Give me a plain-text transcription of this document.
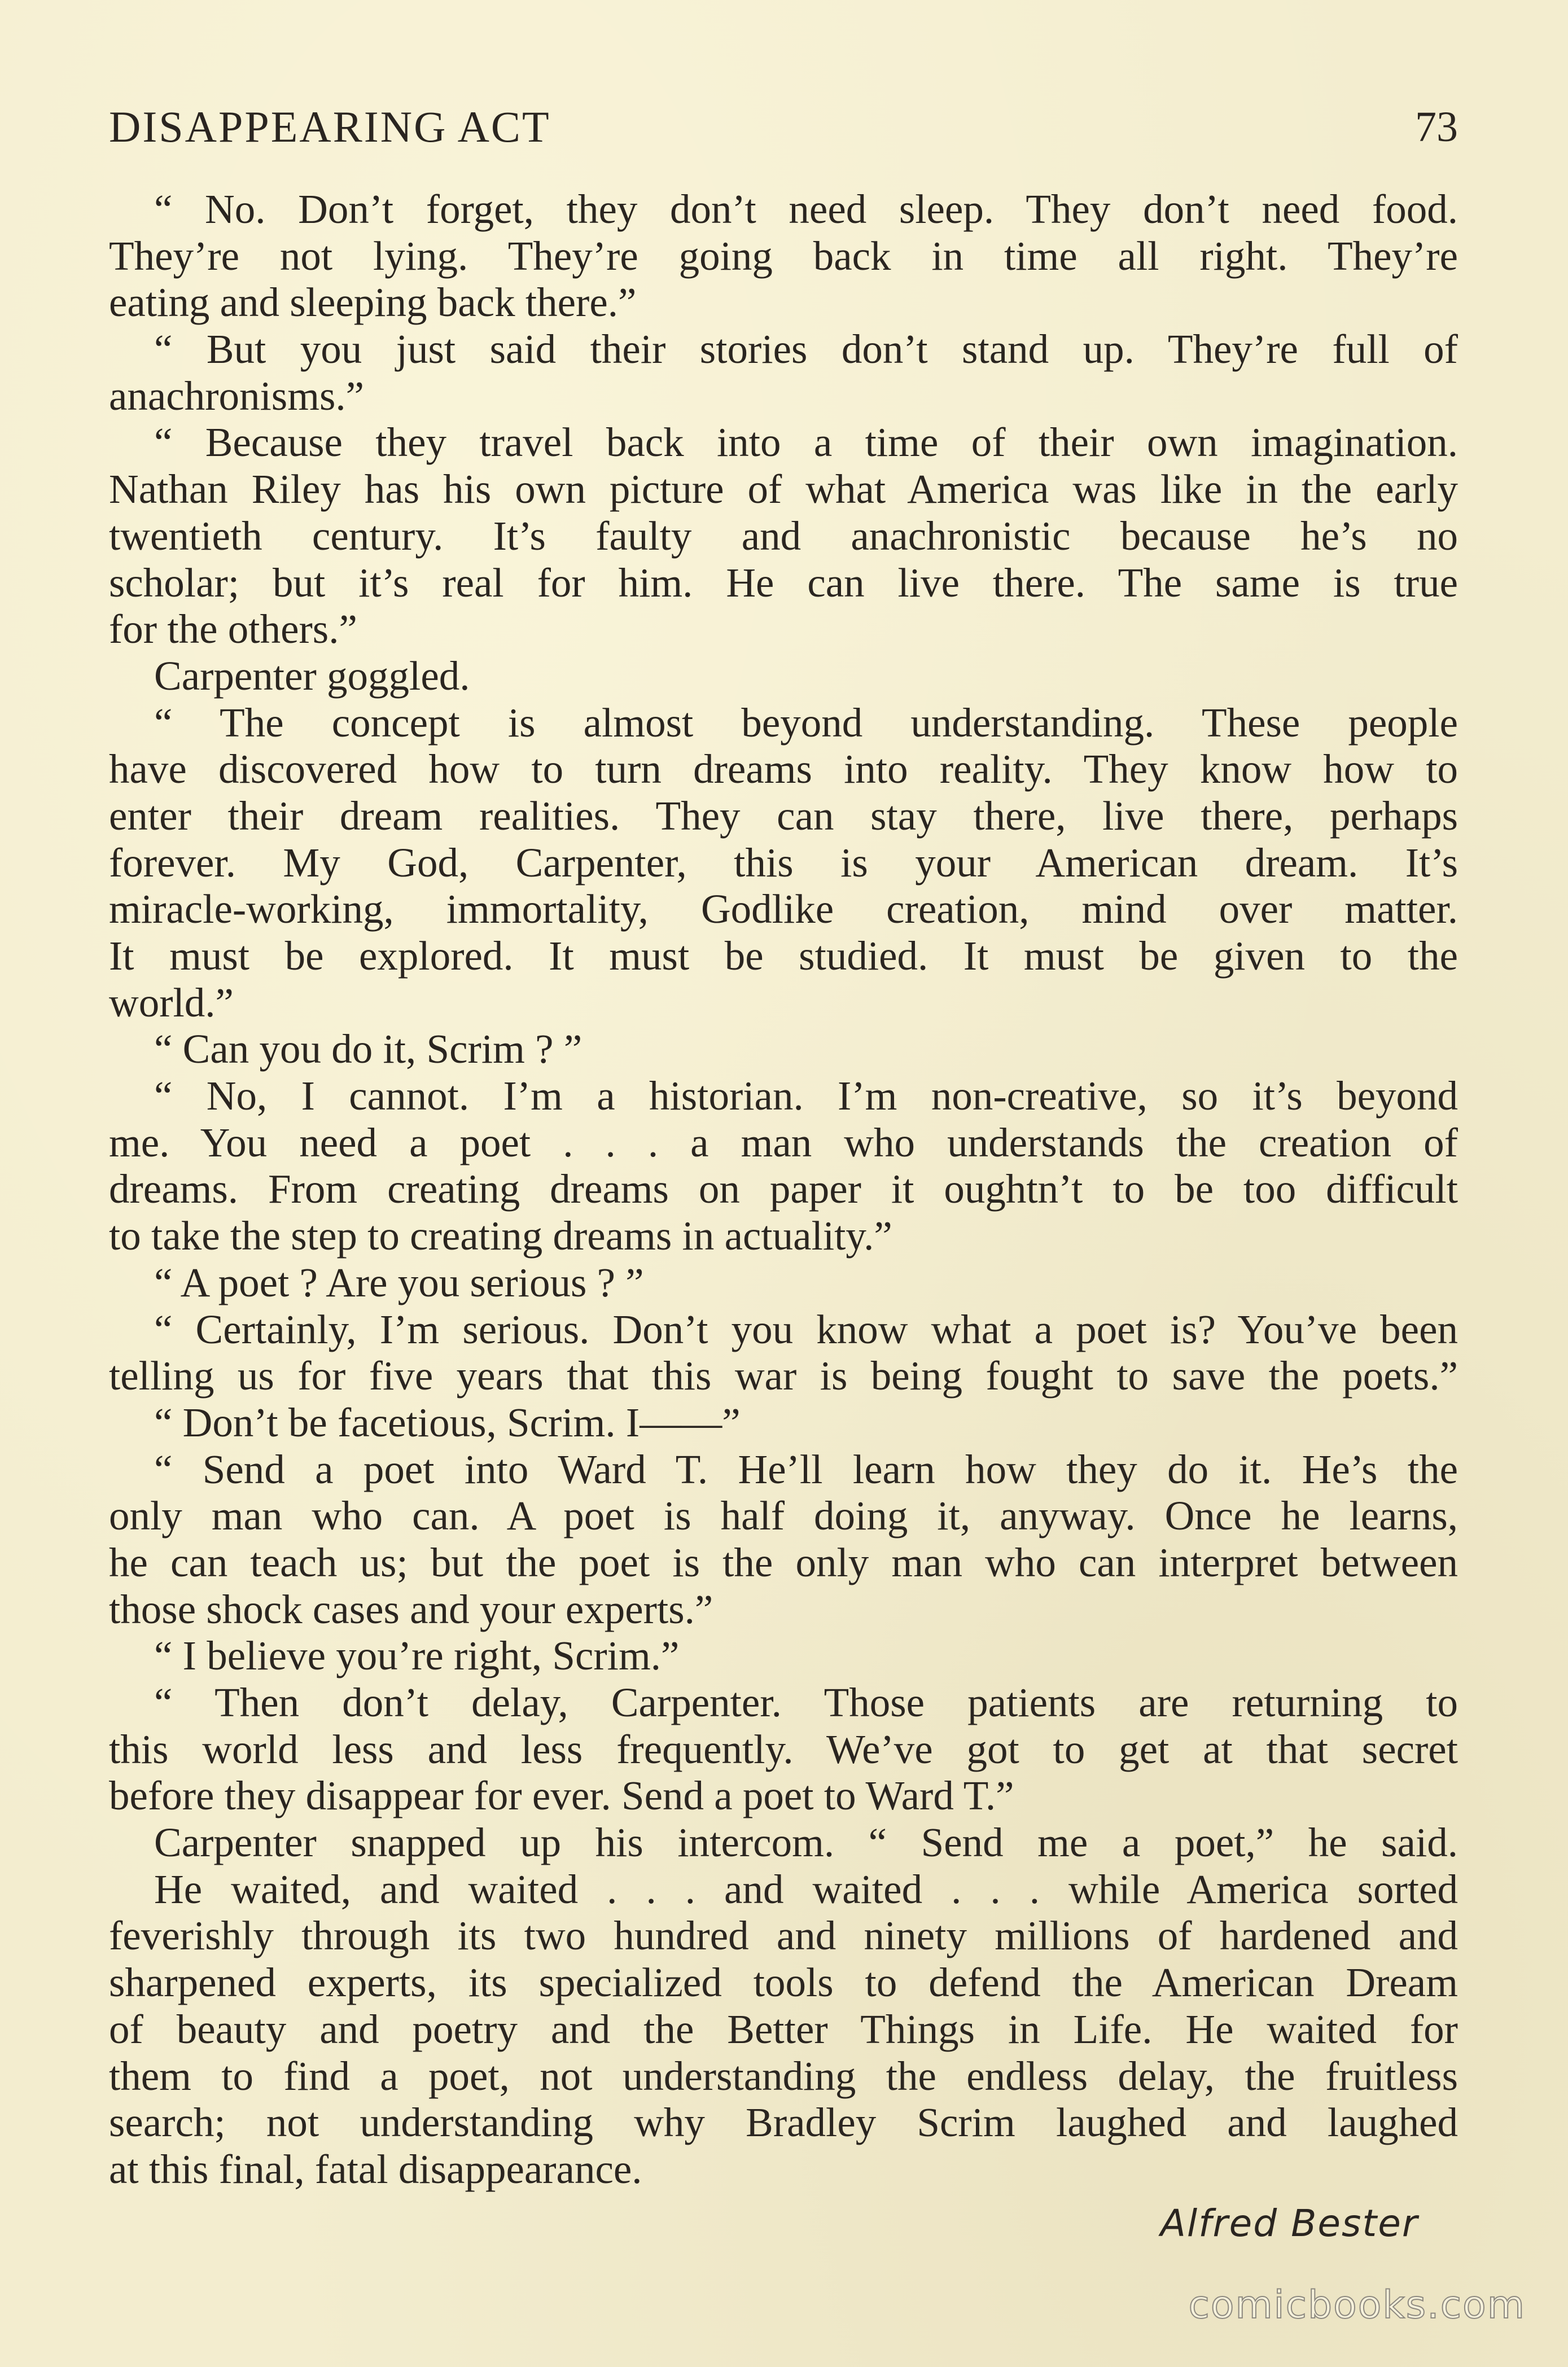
DISAPPEARING ACT	73
“ No. Don’t forget, they don’t need sleep. They don’t need food.
They’re not lying. They’re going back in time all right. They’re
eating and sleeping back there.”
“ But you just said their stories don’t stand up. They’re full of
anachronisms.”
“ Because they travel back into a time of their own imagination.
Nathan Riley has his own picture of what America was like in the early
twentieth century. It’s faulty and anachronistic because he’s no
scholar; but it’s real for him. He can live there. The same is true
for the others.”
Carpenter goggled.
“ The concept is almost beyond understanding. These people
have discovered how to turn dreams into reality. They know how to
enter their dream realities. They can stay there, live there, perhaps
forever. My God, Carpenter, this is your American dream. It’s
miracle-working, immortality, Godlike creation, mind over matter.
It must be explored. It must be studied. It must be given to the
world.”
“ Can you do it, Scrim ? ”
“ No, I cannot. I’m a historian. I’m non-creative, so it’s beyond
me. You need a poet . . . a man who understands the creation of
dreams. From creating dreams on paper it oughtn’t to be too difficult
to take the step to creating dreams in actuality.”
“ A poet ? Are you serious ? ”
“ Certainly, I’m serious. Don’t you know what a poet is? You’ve been
telling us for five years that this war is being fought to save the poets.”
“ Don’t be facetious, Scrim. I——”
“ Send a poet into Ward T. He’ll learn how they do it. He’s the
only man who can. A poet is half doing it, anyway. Once he learns,
he can teach us; but the poet is the only man who can interpret between
those shock cases and your experts.”
“ I believe you’re right, Scrim.”
“ Then don’t delay, Carpenter. Those patients are returning to
this world less and less frequently. We’ve got to get at that secret
before they disappear for ever. Send a poet to Ward T.”
Carpenter snapped up his intercom. “ Send me a poet,” he said.
He waited, and waited . . . and waited . . . while America sorted
feverishly through its two hundred and ninety millions of hardened and
sharpened experts, its specialized tools to defend the American Dream
of beauty and poetry and the Better Things in Life. He waited for
them to find a poet, not understanding the endless delay, the fruitless
search; not understanding why Bradley Scrim laughed and laughed
at this final, fatal disappearance.
Alfred Bester
comicbooks.com
